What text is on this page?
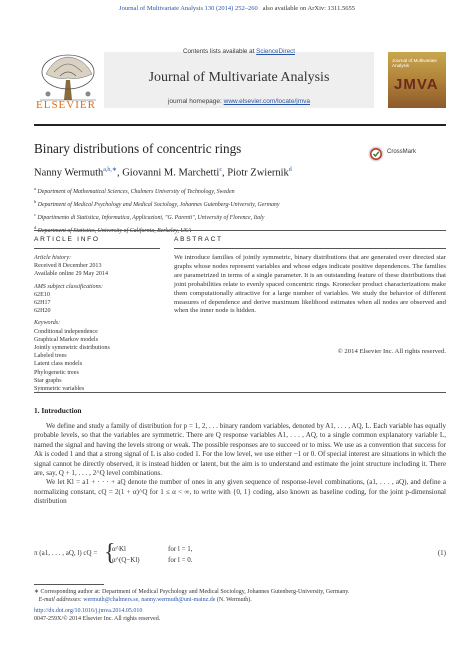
Journal of Multivariate Analysis 130 (2014) 252–260 also available on ArXiv: 1311.5655
ELSEVIER
Contents lists available at ScienceDirect
Journal of Multivariate Analysis
journal homepage: www.elsevier.com/locate/jmva
Journal of Multivariate Analysis
JMVA
Binary distributions of concentric rings	CrossMark
Nanny Wermuth$^{a,b,∗}$, Giovanni M. Marchetti$^c$, Piotr Zwiernik$^d$
$^a$ Department of Mathematical Sciences, Chalmers University of Technology, Sweden
$^b$ Department of Medical Psychology and Medical Sociology, Johannes Gutenberg-University, Germany
$^c$ Dipartimento di Statistica, Informatica, Applicazioni, "G. Parenti", University of Florence, Italy
$^d$
ARTICLE INFO	ABSTRACT
Article history:
Received 8 December 2013
Available online 29 May 2014
AMS subject classifications:
62E10
62H17
62H20
Keywords:
Conditional independence
Graphical Markov models
Jointly symmetric distributions
Labeled trees
Latent class models
Phylogenetic trees
Star graphs
Symmetric variables
We introduce families of jointly symmetric, binary distributions that are generated over directed star graphs whose nodes represent variables and whose edges indicate positive dependences. The families are parametrized in terms of a single parameter. It is an outstanding feature of these distributions that joint probabilities relate to evenly spaced concentric rings. Kronecker product characterizations make them computationally attractive for a large number of variables. We study the behavior of different measures of dependence and derive maximum likelihood estimates when all nodes are observed and when the inner node is hidden.
© 2014 Elsevier Inc. All rights reserved.
1. Introduction

We define and study a family of distribution for p = 1, 2, . . . binary random variables, denoted by A1, . . . , AQ, L. Each variable has equally probable levels, so that the variables are symmetric. There are Q response variables A1, . . . , AQ, to a single common explanatory variable L, named the signal and having the levels strong or weak. The possible responses are to succeed or to miss. We use as a convention that success for Ak is coded 1 and that a strong signal of L is also coded 1. For the low level, we use either −1 or 0. Of special interest are situations in which the signal cannot be directly observed, it is instead hidden or latent, but the aim is to understand and estimate the joint structure including it. There are, say, Q + 1, . . . , 2^Q level combinations.

We let Kl = a1 + · · · + aQ denote the number of ones in any given sequence of response-level combinations, (a1, . . . , aQ), and define a normalizing constant, cQ = 2(1 + α)^Q for 1 ≤ α < ∞, to write with {0, 1} coding, also known as baseline coding, for the joint p-dimensional distribution

π (a1, . . . , aQ, l) cQ = {
α^Kl
α^(Q−Kl)
for l = 1,
for l = 0.
(1)
∗ Corresponding author at: Department of Medical Psychology and Medical Sociology, Johannes Gutenberg-University, Germany.
E-mail addresses: wermuth@chalmers.se, nanny.wermuth@uni-mainz.de (N. Wermuth).
http://dx.doi.org/10.1016/j.jmva.2014.05.010
0047-259X/© 2014 Elsevier Inc. All rights reserved.
